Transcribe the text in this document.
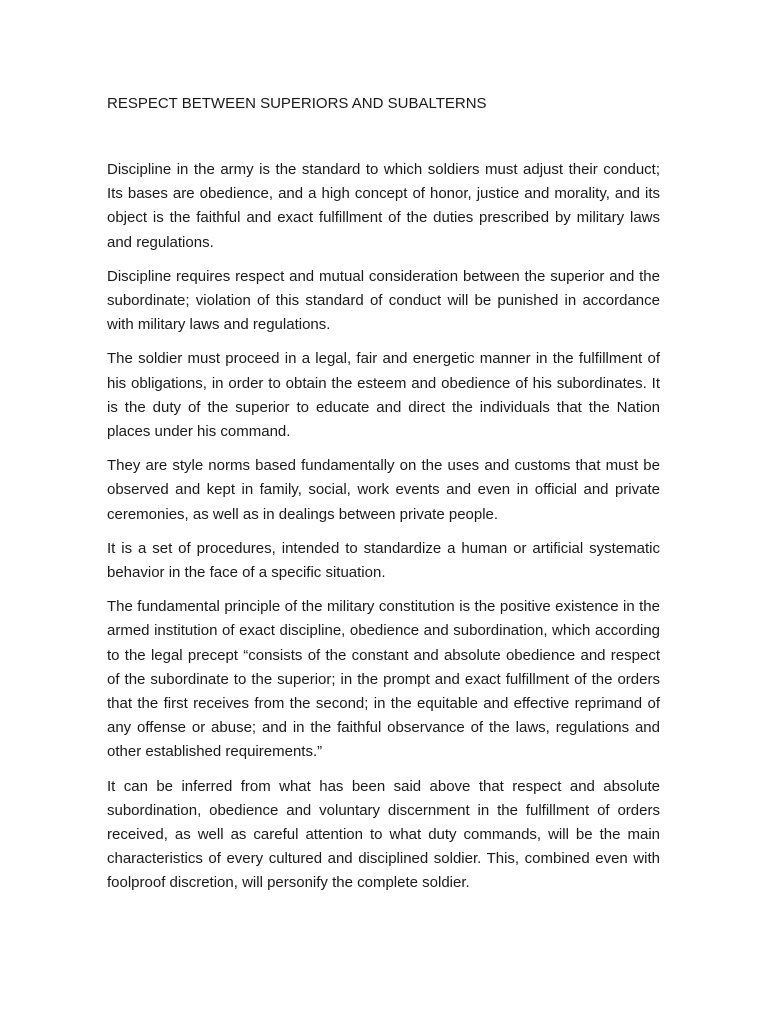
RESPECT BETWEEN SUPERIORS AND SUBALTERNS

Discipline in the army is the standard to which soldiers must adjust their conduct; Its bases are obedience, and a high concept of honor, justice and morality, and its object is the faithful and exact fulfillment of the duties prescribed by military laws and regulations.

Discipline requires respect and mutual consideration between the superior and the subordinate; violation of this standard of conduct will be punished in accordance with military laws and regulations.

The soldier must proceed in a legal, fair and energetic manner in the fulfillment of his obligations, in order to obtain the esteem and obedience of his subordinates. It is the duty of the superior to educate and direct the individuals that the Nation places under his command.

They are style norms based fundamentally on the uses and customs that must be observed and kept in family, social, work events and even in official and private ceremonies, as well as in dealings between private people.

It is a set of procedures, intended to standardize a human or artificial systematic behavior in the face of a specific situation.

The fundamental principle of the military constitution is the positive existence in the armed institution of exact discipline, obedience and subordination, which according to the legal precept “consists of the constant and absolute obedience and respect of the subordinate to the superior; in the prompt and exact fulfillment of the orders that the first receives from the second; in the equitable and effective reprimand of any offense or abuse; and in the faithful observance of the laws, regulations and other established requirements.”

It can be inferred from what has been said above that respect and absolute subordination, obedience and voluntary discernment in the fulfillment of orders received, as well as careful attention to what duty commands, will be the main characteristics of every cultured and disciplined soldier. This, combined even with foolproof discretion, will personify the complete soldier.
